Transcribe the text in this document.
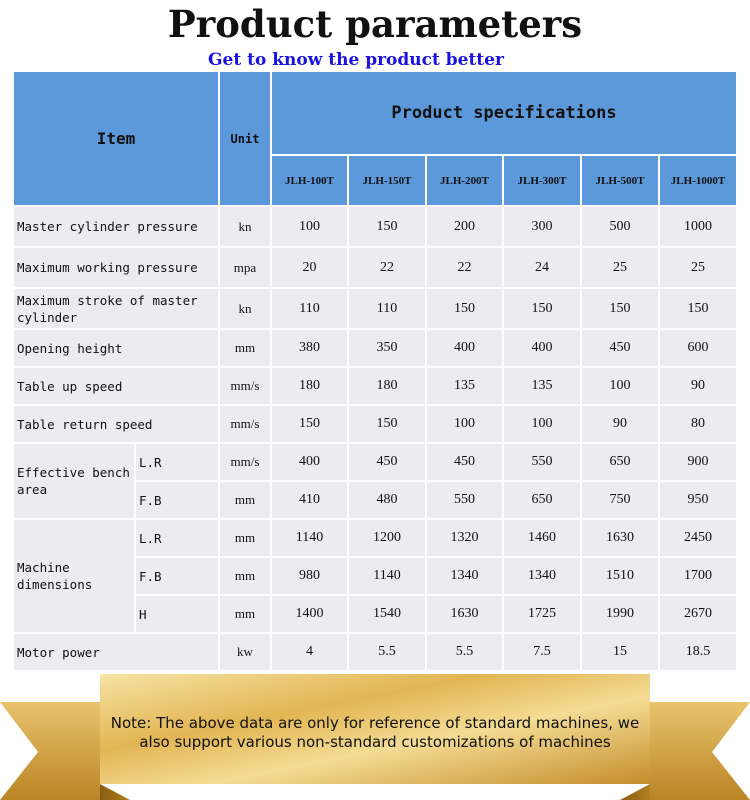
Product parameters
Get to know the product better
Item		Unit	Product specifications					
			JLH-100T	JLH-150T	JLH-200T	JLH-300T	JLH-500T	JLH-1000T
Master cylinder pressure		kn	100	150	200	300	500	1000
Maximum working pressure		mpa	20	22	22	24	25	25
Maximum stroke of master cylinder		kn	110	110	150	150	150	150
Opening height		mm	380	350	400	400	450	600
Table up speed		mm/s	180	180	135	135	100	90
Table return speed		mm/s	150	150	100	100	90	80
Effective bench area	L.R	mm/s	400	450	450	550	650	900
	F.B	mm	410	480	550	650	750	950
Machine dimensions	L.R	mm	1140	1200	1320	1460	1630	2450
	F.B	mm	980	1140	1340	1340	1510	1700
	H	mm	1400	1540	1630	1725	1990	2670
Motor power		kw	4	5.5	5.5	7.5	15	18.5
Note: The above data are only for reference of standard machines, we
also support various non-standard customizations of machines
